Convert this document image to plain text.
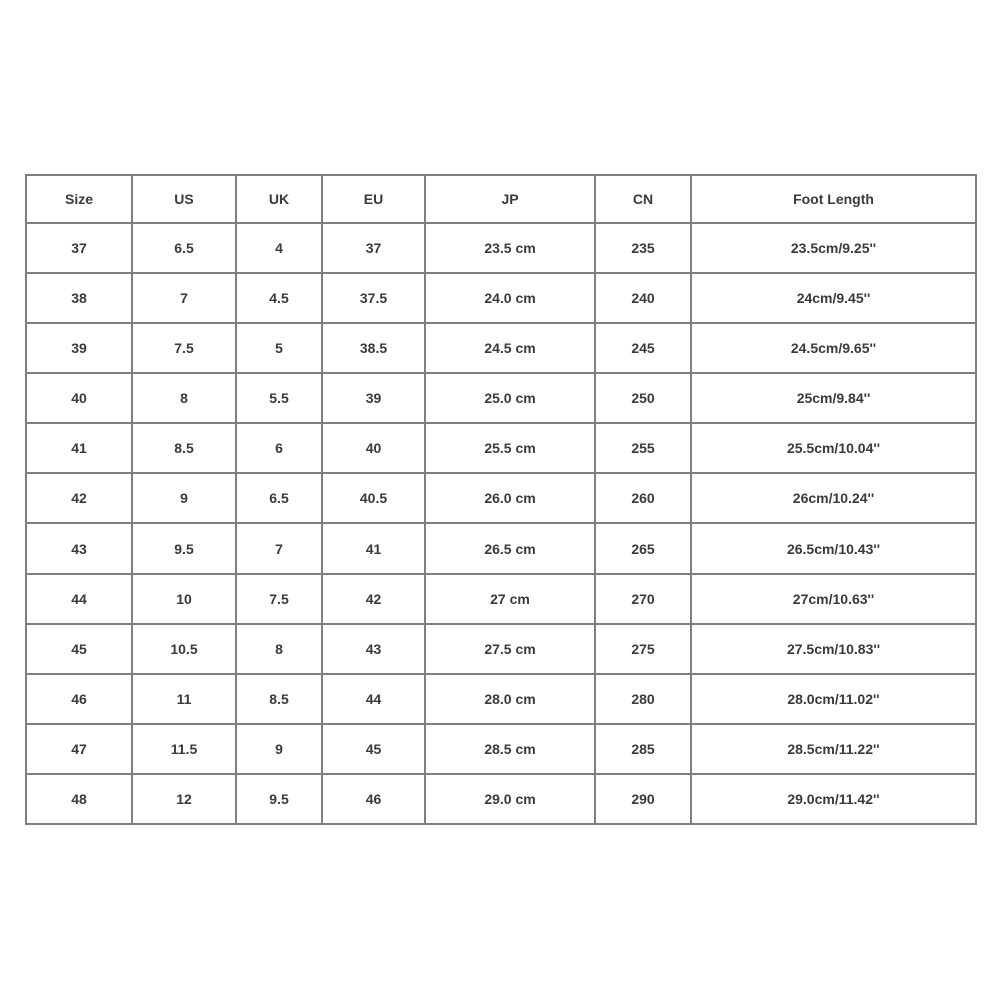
Size	US	UK	EU	JP	CN	Foot Length
37	6.5	4	37	23.5 cm	235	23.5cm/9.25''
38	7	4.5	37.5	24.0 cm	240	24cm/9.45''
39	7.5	5	38.5	24.5 cm	245	24.5cm/9.65''
40	8	5.5	39	25.0 cm	250	25cm/9.84''
41	8.5	6	40	25.5 cm	255	25.5cm/10.04''
42	9	6.5	40.5	26.0 cm	260	26cm/10.24''
43	9.5	7	41	26.5 cm	265	26.5cm/10.43''
44	10	7.5	42	27 cm	270	27cm/10.63''
45	10.5	8	43	27.5 cm	275	27.5cm/10.83''
46	11	8.5	44	28.0 cm	280	28.0cm/11.02''
47	11.5	9	45	28.5 cm	285	28.5cm/11.22''
48	12	9.5	46	29.0 cm	290	29.0cm/11.42''
